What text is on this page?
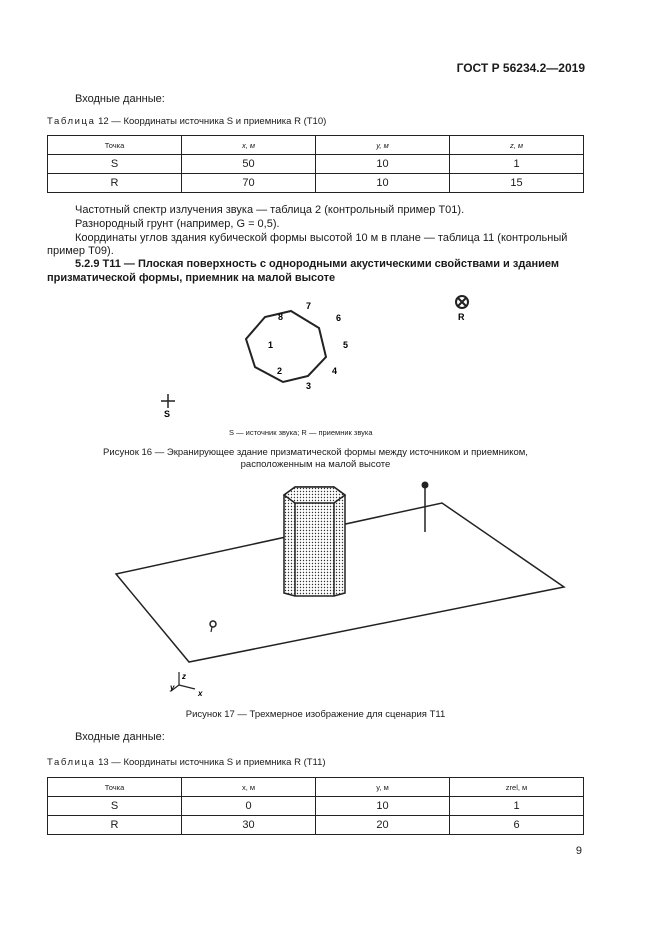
ГОСТ Р 56234.2—2019
Входные данные:
Таблица 12 — Координаты источника S и приемника R (T10)
Точка	x, м	y, м	z, м
S	50	10	1
R	70	10	15
Частотный спектр излучения звука — таблица 2 (контрольный пример T01).
Разнородный грунт (например, G = 0,5).
Координаты углов здания кубической формы высотой 10 м в плане — таблица 11 (контрольный
пример T09).
5.2.9 T11 — Плоская поверхность с однородными акустическими свойствами и зданием
призматической формы, приемник на малой высоте
7
6
8
1	5
2	4
3
R
S
S — источник звука; R — приемник звука
Рисунок 16 — Экранирующее здание призматической формы между источником и приемником,
расположенным на малой высоте
z
y
x
Рисунок 17 — Трехмерное изображение для сценария T11
Входные данные:
Таблица 13 — Координаты источника S и приемника R (T11)
Точка	x, м	y, м	zrel, м
S	0	10	1
R	30	20	6
9
